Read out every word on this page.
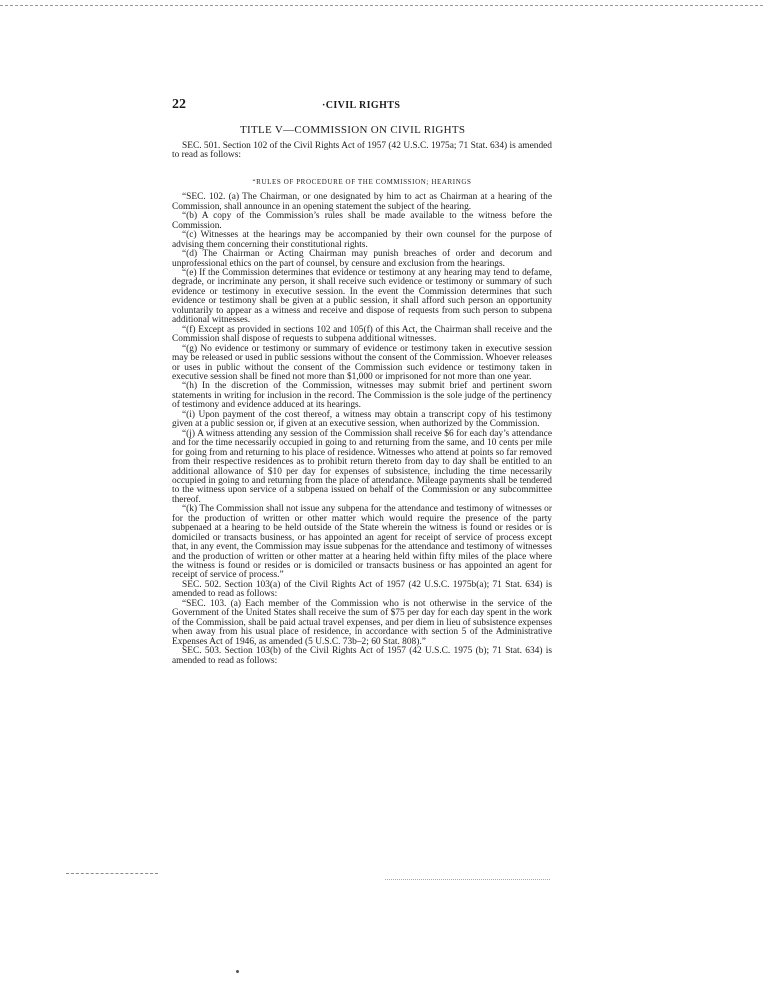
22	·CIVIL RIGHTS
TITLE V—COMMISSION ON CIVIL RIGHTS

SEC. 501. Section 102 of the Civil Rights Act of 1957 (42 U.S.C. 1975a; 71 Stat. 634) is amended to read as follows:

“RULES OF PROCEDURE OF THE COMMISSION; HEARINGS

“SEC. 102. (a) The Chairman, or one designated by him to act as Chairman at a hearing of the Commission, shall announce in an opening statement the subject of the hearing.

“(b) A copy of the Commission’s rules shall be made available to the witness before the Commission.

“(c) Witnesses at the hearings may be accompanied by their own counsel for the purpose of advising them concerning their constitutional rights.

“(d) The Chairman or Acting Chairman may punish breaches of order and decorum and unprofessional ethics on the part of counsel, by censure and exclusion from the hearings.

“(e) If the Commission determines that evidence or testimony at any hearing may tend to defame, degrade, or incriminate any person, it shall receive such evidence or testimony or summary of such evidence or testimony in executive session. In the event the Commission determines that such evidence or testimony shall be given at a public session, it shall afford such person an opportunity voluntarily to appear as a witness and receive and dispose of requests from such person to subpena additional witnesses.

“(f) Except as provided in sections 102 and 105(f) of this Act, the Chairman shall receive and the Commission shall dispose of requests to subpena additional witnesses.

“(g) No evidence or testimony or summary of evidence or testimony taken in executive session may be released or used in public sessions without the consent of the Commission. Whoever releases or uses in public without the consent of the Commission such evidence or testimony taken in executive session shall be fined not more than $1,000 or imprisoned for not more than one year.

“(h) In the discretion of the Commission, witnesses may submit brief and pertinent sworn statements in writing for inclusion in the record. The Commission is the sole judge of the pertinency of testimony and evidence adduced at its hearings.

“(i) Upon payment of the cost thereof, a witness may obtain a transcript copy of his testimony given at a public session or, if given at an executive session, when authorized by the Commission.

“(j) A witness attending any session of the Commission shall receive $6 for each day’s attendance and for the time necessarily occupied in going to and returning from the same, and 10 cents per mile for going from and returning to his place of residence. Witnesses who attend at points so far removed from their respective residences as to prohibit return thereto from day to day shall be entitled to an additional allowance of $10 per day for expenses of subsistence, including the time necessarily occupied in going to and returning from the place of attendance. Mileage payments shall be tendered to the witness upon service of a subpena issued on behalf of the Commission or any subcommittee thereof.

“(k) The Commission shall not issue any subpena for the attendance and testimony of witnesses or for the production of written or other matter which would require the presence of the party subpenaed at a hearing to be held outside of the State wherein the witness is found or resides or is domiciled or transacts business, or has appointed an agent for receipt of service of process except that, in any event, the Commission may issue subpenas for the attendance and testimony of witnesses and the production of written or other matter at a hearing held within fifty miles of the place where the witness is found or resides or is domiciled or transacts business or has appointed an agent for receipt of service of process.”

SEC. 502. Section 103(a) of the Civil Rights Act of 1957 (42 U.S.C. 1975b(a); 71 Stat. 634) is amended to read as follows:

“SEC. 103. (a) Each member of the Commission who is not otherwise in the service of the Government of the United States shall receive the sum of $75 per day for each day spent in the work of the Commission, shall be paid actual travel expenses, and per diem in lieu of subsistence expenses when away from his usual place of residence, in accordance with section 5 of the Administrative Expenses Act of 1946, as amended (5 U.S.C. 73b–2; 60 Stat. 808).”

SEC. 503. Section 103(b) of the Civil Rights Act of 1957 (42 U.S.C. 1975 (b); 71 Stat. 634) is amended to read as follows:
